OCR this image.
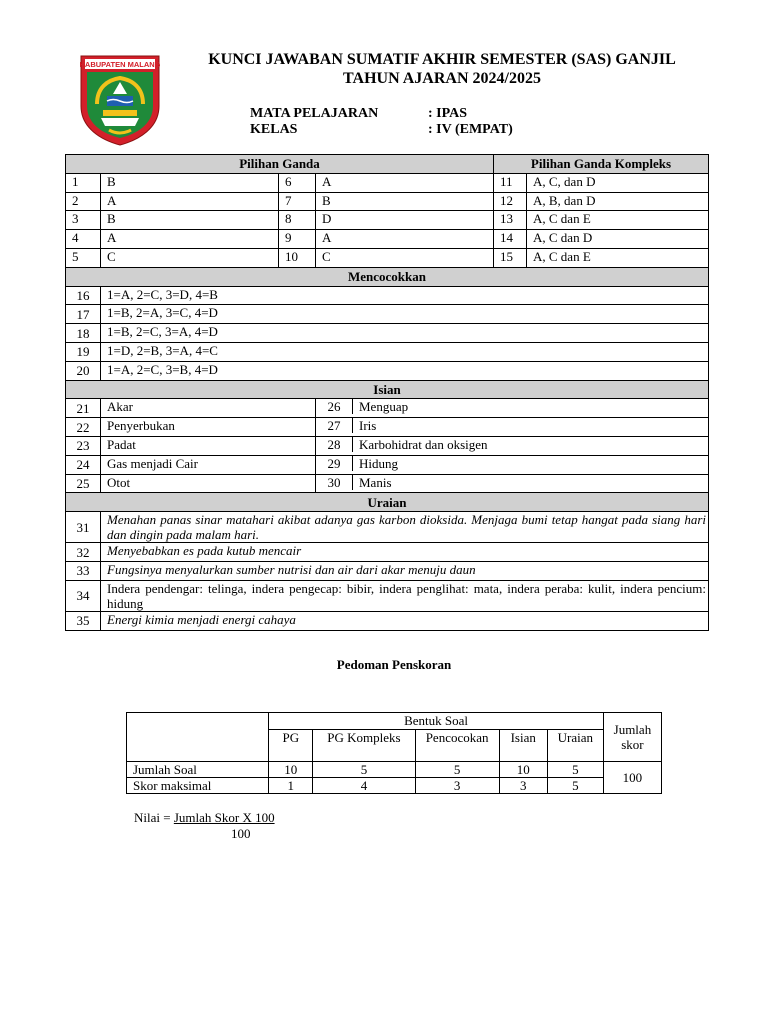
KABUPATEN MALANG	KUNCI JAWABAN SUMATIF AKHIR SEMESTER (SAS) GANJIL
TAHUN AJARAN 2024/2025
MATA PELAJARAN	: IPAS
KELAS	: IV (EMPAT)
Pilihan Ganda				Pilihan Ganda Kompleks	
1	B	6	A	11	A, C, dan D
2	A	7	B	12	A, B, dan D
3	B	8	D	13	A, C dan E
4	A	9	A	14	A, C dan D
5	C	10	C	15	A, C dan E
Mencocokkan					
16	1=A, 2=C, 3=D, 4=B				
17	1=B, 2=A, 3=C, 4=D				
18	1=B, 2=C, 3=A, 4=D				
19	1=D, 2=B, 3=A, 4=C				
20	1=A, 2=C, 3=B, 4=D				
Isian					
21	Akar		26 Menguap		

22	Penyerbukan		27 Iris		

23	Padat		28 Karbohidrat dan oksigen		

24	Gas menjadi Cair		29 Hidung		

25	Otot		30 Manis		

Uraian					
31	Menahan panas sinar matahari akibat adanya gas karbon dioksida. Menjaga bumi tetap hangat pada siang hari dan dingin pada malam hari.				
32	Menyebabkan es pada kutub mencair				
33	Fungsinya menyalurkan sumber nutrisi dan air dari akar menuju daun				
34	Indera pendengar: telinga, indera pengecap: bibir, indera penglihat: mata, indera peraba: kulit, indera pencium: hidung				
35	Energi kimia menjadi energi cahaya				
Pedoman Penskoran
	Bentuk Soal					Jumlah skor
	PG	PG Kompleks	Pencocokan	Isian	Uraian	
Jumlah Soal	10	5	5	10	5	100
Skor maksimal	1	4	3	3	5	
Nilai = Jumlah Skor X 100
100
